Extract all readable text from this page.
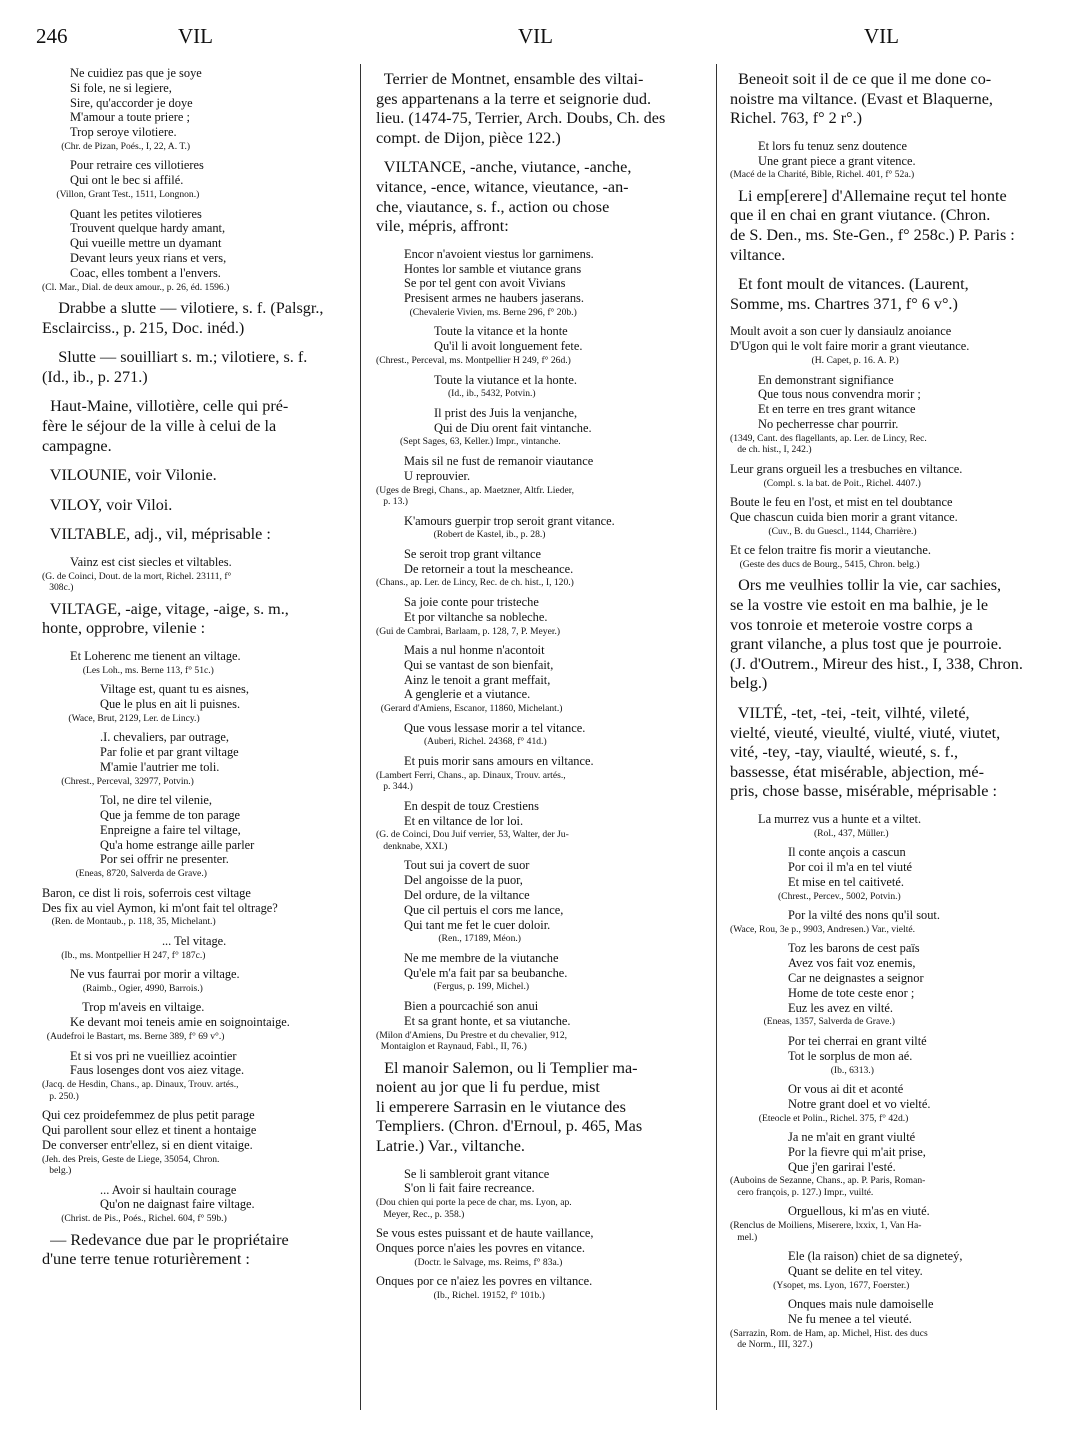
246	VIL	VIL	VIL
Ne cuidiez pas que je soye
Si fole, ne si legiere,
Sire, qu'accorder je doye
M'amour a toute priere ;
Trop seroye vilotiere.
(Chr. de Pizan, Poés., I, 22, A. T.)
Pour retraire ces villotieres
Qui ont le bec si affilé.
(Villon, Grant Test., 1511, Longnon.)
Quant les petites vilotieres
Trouvent quelque hardy amant,
Qui vueille mettre un dyamant
Devant leurs yeux rians et vers,
Coac, elles tombent a l'envers.
(Cl. Mar., Dial. de deux amour., p. 26, éd. 1596.)
Drabbe a slutte — vilotiere, s. f. (Palsgr.,
Esclairciss., p. 215, Doc. inéd.)
Slutte — souilliart s. m.; vilotiere, s. f.
(Id., ib., p. 271.)
Haut-Maine, villotière, celle qui pré-
fère le séjour de la ville à celui de la
campagne.
VILOUNIE, voir Vilonie.
VILOY, voir Viloi.
VILTABLE, adj., vil, méprisable :
Vainz est cist siecles et viltables.
(G. de Coinci, Dout. de la mort, Richel. 23111, f°
308c.)
VILTAGE, -aige, vitage, -aige, s. m.,
honte, opprobre, vilenie :
Et Loherenc me tienent an viltage.
(Les Loh., ms. Berne 113, f° 51c.)
Viltage est, quant tu es aisnes,
Que le plus en ait li puisnes.
(Wace, Brut, 2129, Ler. de Lincy.)
.I. chevaliers, par outrage,
Par folie et par grant viltage
M'amie l'autrier me toli.
(Chrest., Perceval, 32977, Potvin.)
Tol, ne dire tel vilenie,
Que ja femme de ton parage
Enpreigne a faire tel viltage,
Qu'a home estrange aille parler
Por sei offrir ne presenter.
(Eneas, 8720, Salverda de Grave.)
Baron, ce dist li rois, soferrois cest viltage
Des fix au viel Aymon, ki m'ont fait tel oltrage?
(Ren. de Montaub., p. 118, 35, Michelant.)
... Tel vitage.
(Ib., ms. Montpellier H 247, f° 187c.)
Ne vus faurrai por morir a viltage.
(Raimb., Ogier, 4990, Barrois.)
Trop m'aveis en viltaige.
Ke devant moi teneis amie en soignointaige.
(Audefroi le Bastart, ms. Berne 389, f° 69 v°.)
Et si vos pri ne vueilliez acointier
Faus losenges dont vos aiez vitage.
(Jacq. de Hesdin, Chans., ap. Dinaux, Trouv. artés.,
p. 250.)
Qui cez proidefemmez de plus petit parage
Qui parollent sour ellez et tinent a hontaige
De converser entr'ellez, si en dient vitaige.
(Jeh. des Preis, Geste de Liege, 35054, Chron.
belg.)
... Avoir si haultain courage
Qu'on ne daignast faire viltage.
(Christ. de Pis., Poés., Richel. 604, f° 59b.)
— Redevance due par le propriétaire
d'une terre tenue roturièrement :
Terrier de Montnet, ensamble des viltai-
ges appartenans a la terre et seignorie dud.
lieu. (1474-75, Terrier, Arch. Doubs, Ch. des
compt. de Dijon, pièce 122.)
VILTANCE, -anche, viutance, -anche,
vitance, -ence, witance, vieutance, -an-
che, viautance, s. f., action ou chose
vile, mépris, affront:
Encor n'avoient viestus lor garnimens.
Hontes lor samble et viutance grans
Se por tel gent con avoit Vivians
Presisent armes ne haubers jaserans.
(Chevalerie Vivien, ms. Berne 296, f° 20b.)
Toute la vitance et la honte
Qu'il li avoit longuement fete.
(Chrest., Perceval, ms. Montpellier H 249, f° 26d.)
Toute la viutance et la honte.
(Id., ib., 5432, Potvin.)
Il prist des Juis la venjanche,
Qui de Diu orent fait vintanche.
(Sept Sages, 63, Keller.) Impr., vintanche.
Mais sil ne fust de remanoir viautance
U reprouvier.
(Uges de Bregi, Chans., ap. Maetzner, Altfr. Lieder,
p. 13.)
K'amours guerpir trop seroit grant vitance.
(Robert de Kastel, ib., p. 28.)
Se seroit trop grant viltance
De retorneir a tout la mescheance.
(Chans., ap. Ler. de Lincy, Rec. de ch. hist., I, 120.)
Sa joie conte pour tristeche
Et por viltanche sa nobleche.
(Gui de Cambrai, Barlaam, p. 128, 7, P. Meyer.)
Mais a nul honme n'acontoit
Qui se vantast de son bienfait,
Ainz le tenoit a grant meffait,
A genglerie et a viutance.
(Gerard d'Amiens, Escanor, 11860, Michelant.)
Que vous lessase morir a tel vitance.
(Auberi, Richel. 24368, f° 41d.)
Et puis morir sans amours en viltance.
(Lambert Ferri, Chans., ap. Dinaux, Trouv. artés.,
p. 344.)
En despit de touz Crestiens
Et en viltance de lor loi.
(G. de Coinci, Dou Juif verrier, 53, Walter, der Ju-
denknabe, XXI.)
Tout sui ja covert de suor
Del angoisse de la puor,
Del ordure, de la viltance
Que cil pertuis el cors me lance,
Qui tant me fet le cuer doloir.
(Ren., 17189, Méon.)
Ne me membre de la viutanche
Qu'ele m'a fait par sa beubanche.
(Fergus, p. 199, Michel.)
Bien a pourcachié son anui
Et sa grant honte, et sa viutanche.
(Milon d'Amiens, Du Prestre et du chevalier, 912,
Montaiglon et Raynaud, Fabl., II, 76.)
El manoir Salemon, ou li Templier ma-
noient au jor que li fu perdue, mist
li emperere Sarrasin en le viutance des
Templiers. (Chron. d'Ernoul, p. 465, Mas
Latrie.) Var., viltanche.
Se li sambleroit grant vitance
S'on li fait faire recreance.
(Dou chien qui porte la pece de char, ms. Lyon, ap.
Meyer, Rec., p. 358.)
Se vous estes puissant et de haute vaillance,
Onques porce n'aies les povres en vitance.
(Doctr. le Salvage, ms. Reims, f° 83a.)
Onques por ce n'aiez les povres en viltance.
(Ib., Richel. 19152, f° 101b.)
Beneoit soit il de ce que il me done co-
noistre ma viltance. (Evast et Blaquerne,
Richel. 763, f° 2 r°.)
Et lors fu tenuz senz doutence
Une grant piece a grant vitence.
(Macé de la Charité, Bible, Richel. 401, f° 52a.)
Li emp[erere] d'Allemaine reçut tel honte
que il en chai en grant viutance. (Chron.
de S. Den., ms. Ste-Gen., f° 258c.) P. Paris :
viltance.
Et font moult de vitances. (Laurent,
Somme, ms. Chartres 371, f° 6 v°.)
Moult avoit a son cuer ly dansiaulz anoiance
D'Ugon qui le volt faire morir a grant vieutance.
(H. Capet, p. 16. A. P.)
En demonstrant signifiance
Que tous nous convendra morir ;
Et en terre en tres grant witance
No pecherresse char pourrir.
(1349, Cant. des flagellants, ap. Ler. de Lincy, Rec.
de ch. hist., I, 242.)
Leur grans orgueil les a tresbuches en viltance.
(Compl. s. la bat. de Poit., Richel. 4407.)
Boute le feu en l'ost, et mist en tel doubtance
Que chascun cuida bien morir a grant vitance.
(Cuv., B. du Guescl., 1144, Charrière.)
Et ce felon traitre fis morir a vieutanche.
(Geste des ducs de Bourg., 5415, Chron. belg.)
Ors me veulhies tollir la vie, car sachies,
se la vostre vie estoit en ma balhie, je le
vos tonroie et meteroie vostre corps a
grant vilanche, a plus tost que je pourroie.
(J. d'Outrem., Mireur des hist., I, 338, Chron.
belg.)
VILTÉ, -tet, -tei, -teit, vilhté, vileté,
vielté, vieuté, vieulté, viulté, viuté, viutet,
vité, -tey, -tay, viaulté, wieuté, s. f.,
bassesse, état misérable, abjection, mé-
pris, chose basse, misérable, méprisable :
La murrez vus a hunte et a viltet.
(Rol., 437, Müller.)
Il conte ançois a cascun
Por coi il m'a en tel viuté
Et mise en tel caitiveté.
(Chrest., Percev., 5002, Potvin.)
Por la vilté des nons qu'il sout.
(Wace, Rou, 3e p., 9903, Andresen.) Var., vielté.
Toz les barons de cest païs
Avez vos fait voz enemis,
Car ne deignastes a seignor
Home de tote ceste enor ;
Euz les avez en vilté.
(Eneas, 1357, Salverda de Grave.)
Por tei cherrai en grant vilté
Tot le sorplus de mon aé.
(Ib., 6313.)
Or vous ai dit et aconté
Notre grant doel et vo vielté.
(Eteocle et Polin., Richel. 375, f° 42d.)
Ja ne m'ait en grant viulté
Por la fievre qui m'ait prise,
Que j'en garirai l'esté.
(Auboins de Sezanne, Chans., ap. P. Paris, Roman-
cero françois, p. 127.) Impr., vuilté.
Orguellous, ki m'as en viuté.
(Renclus de Moiliens, Miserere, lxxix, 1, Van Ha-
mel.)
Ele (la raison) chiet de sa digneteý,
Quant se delite en tel vitey.
(Ysopet, ms. Lyon, 1677, Foerster.)
Onques mais nule damoiselle
Ne fu menee a tel vieuté.
(Sarrazin, Rom. de Ham, ap. Michel, Hist. des ducs
de Norm., III, 327.)
